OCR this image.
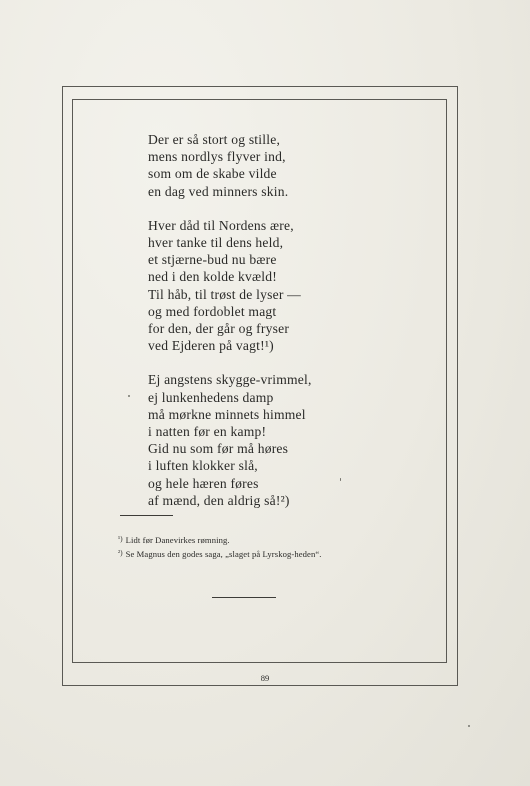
Der er så stort og stille,
mens nordlys flyver ind,
som om de skabe vilde
en dag ved minners skin.
Hver dåd til Nordens ære,
hver tanke til dens held,
et stjærne-bud nu bære
ned i den kolde kvæld!
Til håb, til trøst de lyser —
og med fordoblet magt
for den, der går og fryser
ved Ejderen på vagt!¹)
Ej angstens skygge-vrimmel,
ej lunkenhedens damp
må mørkne minnets himmel
i natten før en kamp!
Gid nu som før må høres
i luften klokker slå,
og hele hæren føres
af mænd, den aldrig så!²)
$^{^1)}$ Lidt før Danevirkes rømning.
$^{^2)}$ Se Magnus den godes saga, „slaget på Lyrskog-heden“.
89
